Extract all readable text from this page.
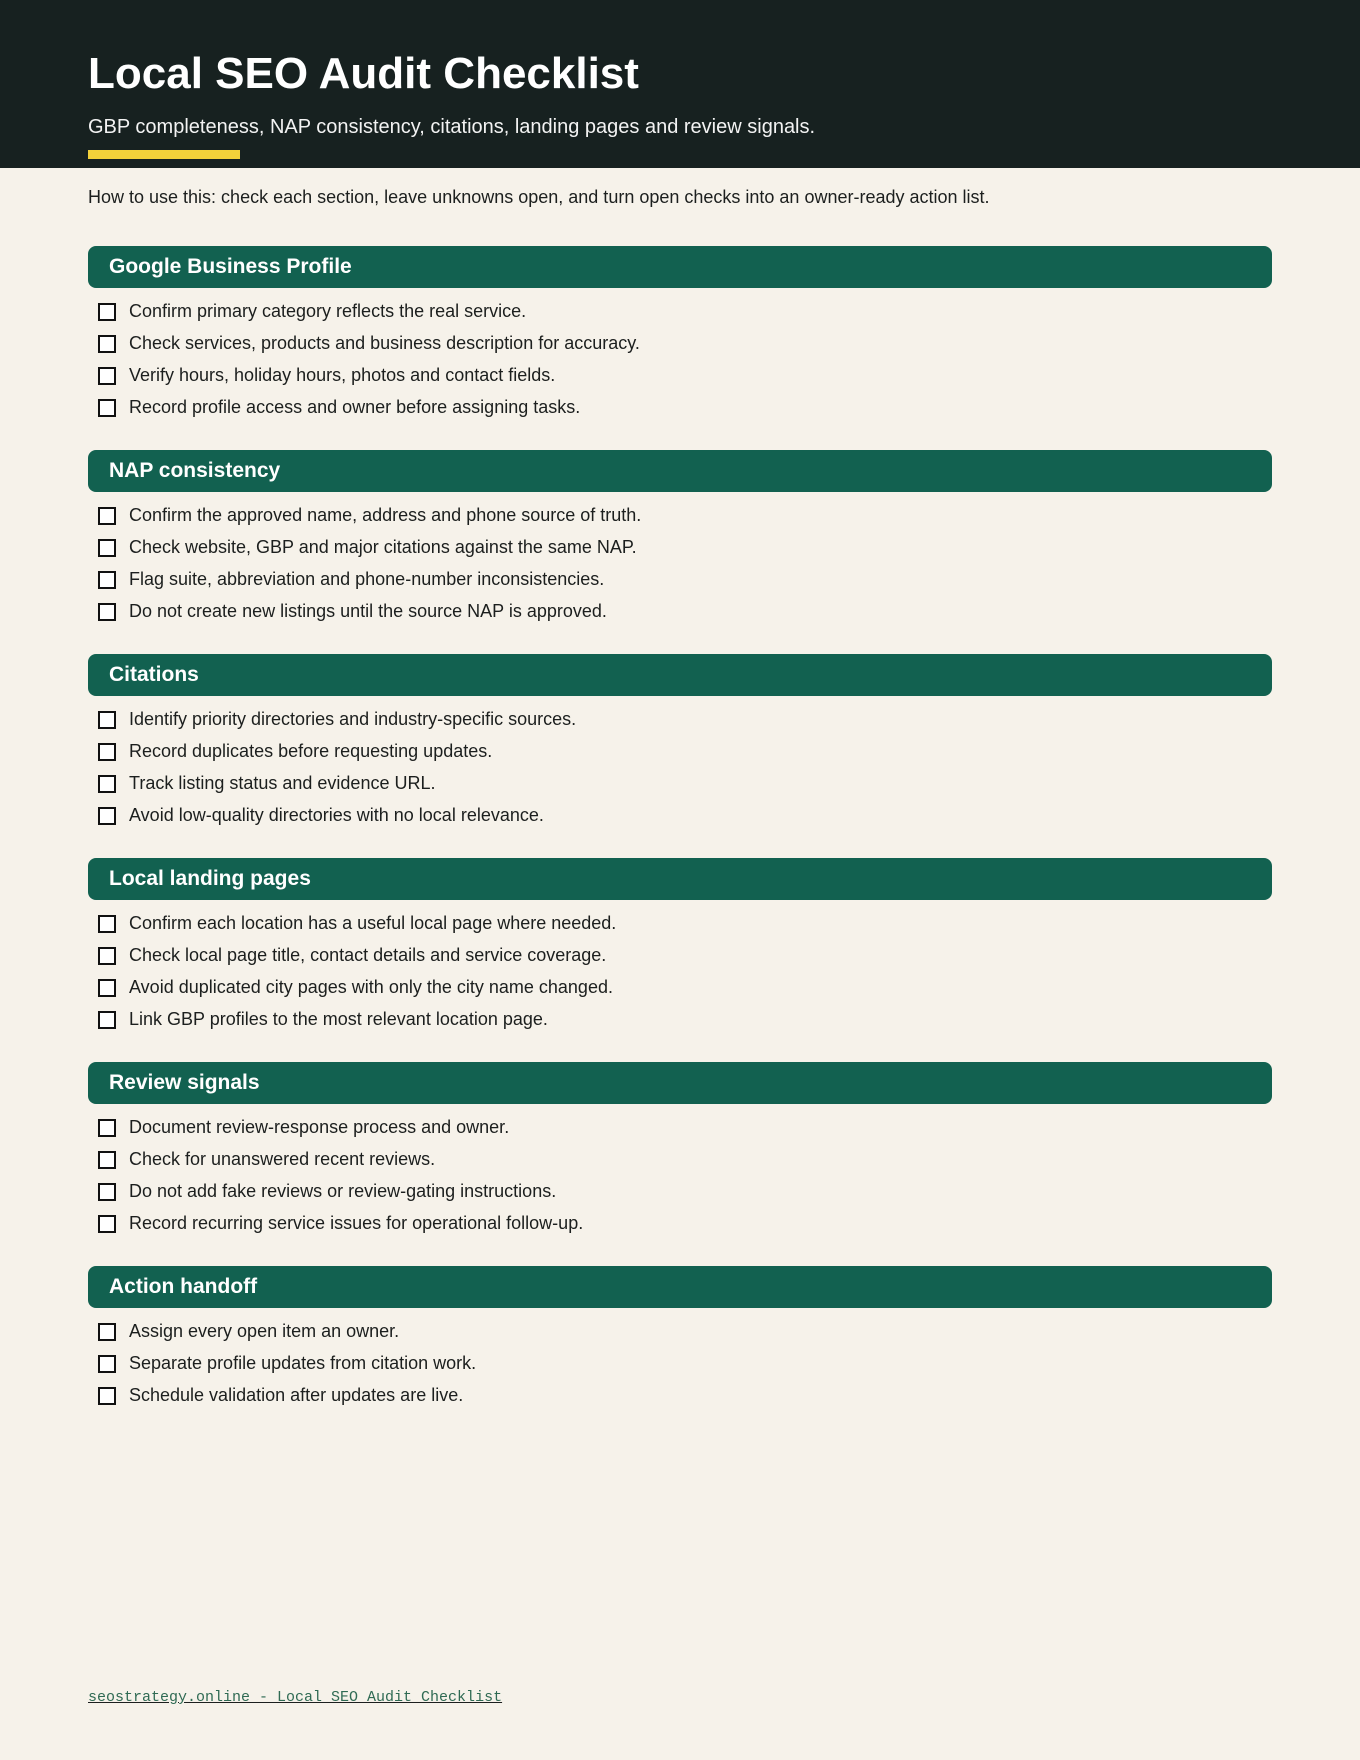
Local SEO Audit Checklist

GBP completeness, NAP consistency, citations, landing pages and review signals.

How to use this: check each section, leave unknowns open, and turn open checks into an owner-ready action list.

Google Business Profile
Confirm primary category reflects the real service.
Check services, products and business description for accuracy.
Verify hours, holiday hours, photos and contact fields.
Record profile access and owner before assigning tasks.
NAP consistency
Confirm the approved name, address and phone source of truth.
Check website, GBP and major citations against the same NAP.
Flag suite, abbreviation and phone-number inconsistencies.
Do not create new listings until the source NAP is approved.
Citations
Identify priority directories and industry-specific sources.
Record duplicates before requesting updates.
Track listing status and evidence URL.
Avoid low-quality directories with no local relevance.
Local landing pages
Confirm each location has a useful local page where needed.
Check local page title, contact details and service coverage.
Avoid duplicated city pages with only the city name changed.
Link GBP profiles to the most relevant location page.
Review signals
Document review-response process and owner.
Check for unanswered recent reviews.
Do not add fake reviews or review-gating instructions.
Record recurring service issues for operational follow-up.
Action handoff
Assign every open item an owner.
Separate profile updates from citation work.
Schedule validation after updates are live.
seostrategy.online - Local SEO Audit Checklist
